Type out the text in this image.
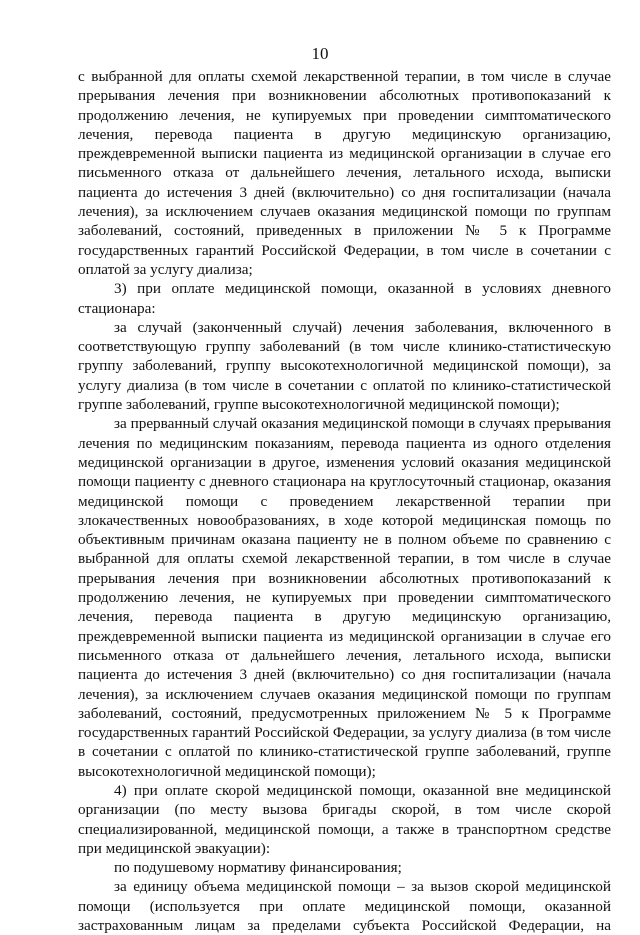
10

с выбранной для оплаты схемой лекарственной терапии, в том числе в случае прерывания лечения при возникновении абсолютных противопоказаний к продолжению лечения, не купируемых при проведении симптоматического лечения, перевода пациента в другую медицинскую организацию, преждевременной выписки пациента из медицинской организации в случае его письменного отказа от дальнейшего лечения, летального исхода, выписки пациента до истечения 3 дней (включительно) со дня госпитализации (начала лечения), за исключением случаев оказания медицинской помощи по группам заболеваний, состояний, приведенных в приложении № 5 к Программе государственных гарантий Российской Федерации, в том числе в сочетании с оплатой за услугу диализа;

3) при оплате медицинской помощи, оказанной в условиях дневного стационара:

за случай (законченный случай) лечения заболевания, включенного в соответствующую группу заболеваний (в том числе клинико-статистическую группу заболеваний, группу высокотехнологичной медицинской помощи), за услугу диализа (в том числе в сочетании с оплатой по клинико-статистической группе заболеваний, группе высокотехнологичной медицинской помощи);

за прерванный случай оказания медицинской помощи в случаях прерывания лечения по медицинским показаниям, перевода пациента из одного отделения медицинской организации в другое, изменения условий оказания медицинской помощи пациенту с дневного стационара на круглосуточный стационар, оказания медицинской помощи с проведением лекарственной терапии при злокачественных новообразованиях, в ходе которой медицинская помощь по объективным причинам оказана пациенту не в полном объеме по сравнению с выбранной для оплаты схемой лекарственной терапии, в том числе в случае прерывания лечения при возникновении абсолютных противопоказаний к продолжению лечения, не купируемых при проведении симптоматического лечения, перевода пациента в другую медицинскую организацию, преждевременной выписки пациента из медицинской организации в случае его письменного отказа от дальнейшего лечения, летального исхода, выписки пациента до истечения 3 дней (включительно) со дня госпитализации (начала лечения), за исключением случаев оказания медицинской помощи по группам заболеваний, состояний, предусмотренных приложением № 5 к Программе государственных гарантий Российской Федерации, за услугу диализа (в том числе в сочетании с оплатой по клинико-статистической группе заболеваний, группе высокотехнологичной медицинской помощи);

4) при оплате скорой медицинской помощи, оказанной вне медицинской организации (по месту вызова бригады скорой, в том числе скорой специализированной, медицинской помощи, а также в транспортном средстве при медицинской эвакуации):

по подушевому нормативу финансирования;

за единицу объема медицинской помощи – за вызов скорой медицинской помощи (используется при оплате медицинской помощи, оказанной застрахованным лицам за пределами субъекта Российской Федерации, на
